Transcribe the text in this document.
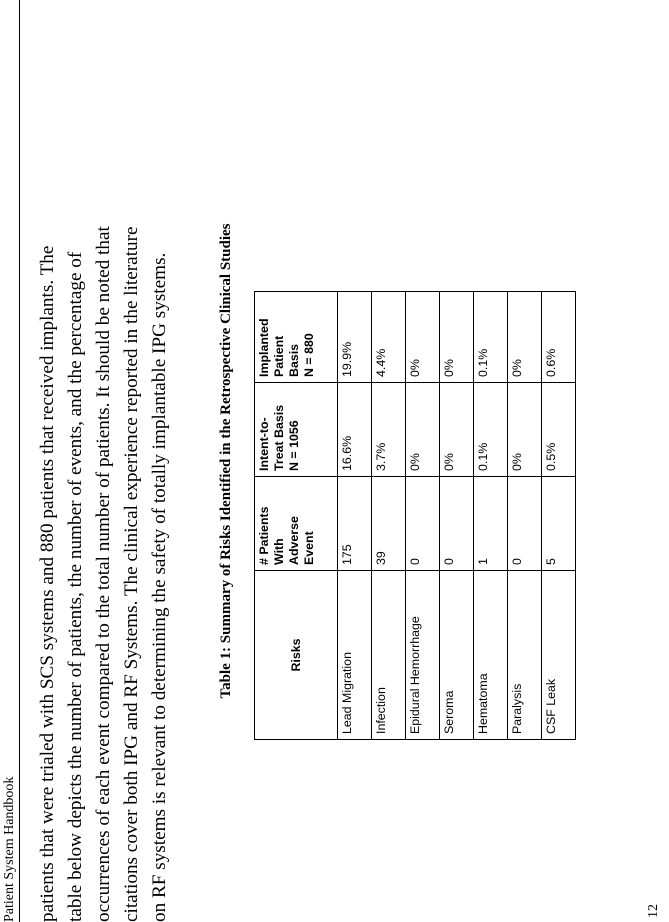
Patient System Handbook	patients that were trialed with SCS systems and 880 patients that received implants. The table below depicts the number of patients, the number of events, and the percentage of occurrences of each event compared to the total number of patients. It should be noted that citations cover both IPG and RF Systems. The clinical experience reported in the literature on RF systems is relevant to determining the safety of totally implantable IPG systems.	Table 1: Summary of Risks Identified in the Retrospective Clinical Studies	Risks	# Patients
With
Adverse
Event	Intent-to-
Treat Basis
N = 1056	Implanted
Patient
Basis
N = 880
Lead Migration	175	16.6%	19.9%
Infection	39	3.7%	4.4%
Epidural Hemorrhage	0	0%	0%
Seroma	0	0%	0%
Hematoma	1	0.1%	0.1%
Paralysis	0	0%	0%
CSF Leak	5	0.5%	0.6%
12
